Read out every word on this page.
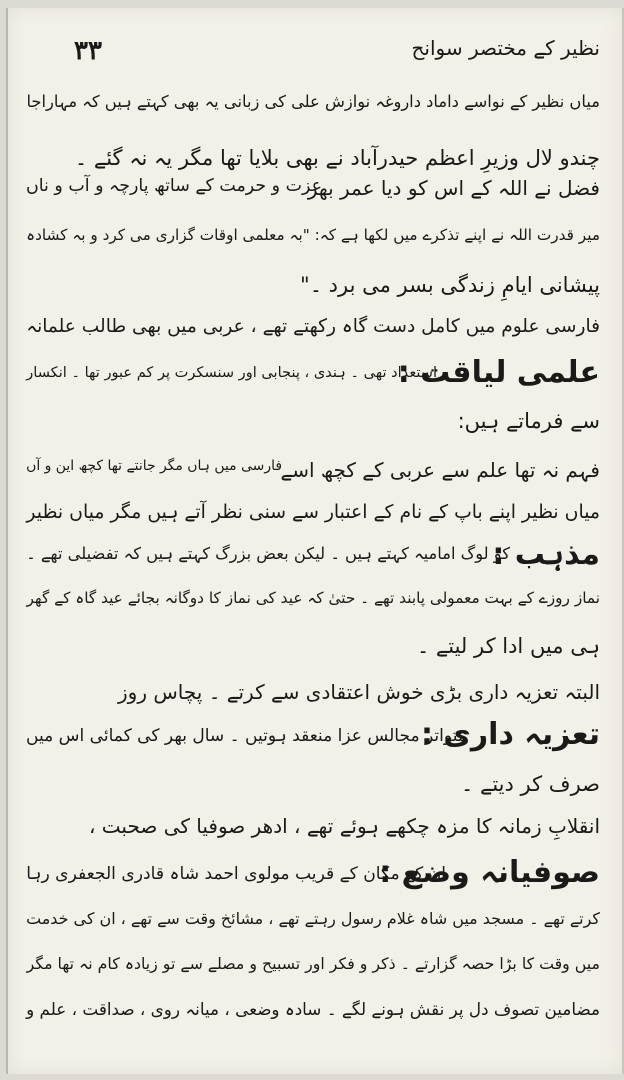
نظیر کے مختصر سوانح
۳۳
میاں نظیر کے نواسے داماد داروغہ نوازش علی کی زبانی یہ بھی کہتے ہیں کہ مہاراجا
چندو لال وزیرِ اعظم حیدرآباد نے بھی بلایا تھا مگر یہ نہ گئے ۔
فضل نے اللہ کے اس کو دیا عمر بھر
عزت و حرمت کے ساتھ پارچہ و آب و ناں
میر قدرت اللہ نے اپنے تذکرے میں لکھا ہے کہ: "بہ معلمی اوقات گزاری می کرد و بہ کشادہ
پیشانی ایامِ زندگی بسر می برد ۔"
فارسی علوم میں کامل دست گاہ رکھتے تھے ، عربی میں بھی طالب علمانہ
علمی لیاقت :
استعداد تھی ۔ ہندی ، پنجابی اور سنسکرت پر کم عبور تھا ۔ انکسار
سے فرماتے ہیں:
فہم نہ تھا علم سے عربی کے کچھ اسے
فارسی میں ہاں مگر جانتے تھا کچھ این و آں
میاں نظیر اپنے باپ کے نام کے اعتبار سے سنی نظر آتے ہیں مگر میاں نظیر
مذہب :
کو لوگ امامیہ کہتے ہیں ۔ لیکن بعض بزرگ کہتے ہیں کہ تفضیلی تھے ۔
نماز روزے کے بہت معمولی پابند تھے ۔ حتیٰ کہ عید کی نماز کا دوگانہ بجائے عید گاہ کے گھر
ہی میں ادا کر لیتے ۔
البتہ تعزیہ داری بڑی خوش اعتقادی سے کرتے ۔ پچاس روز
تعزیہ داری :
متواتر مجالس عزا منعقد ہوتیں ۔ سال بھر کی کمائی اس میں
صرف کر دیتے ۔
انقلابِ زمانہ کا مزہ چکھے ہوئے تھے ، ادھر صوفیا کی صحبت ،
صوفیانہ وضع :
ان کے مکان کے قریب مولوی احمد شاہ قادری الجعفری رہا
کرتے تھے ۔ مسجد میں شاہ غلام رسول رہتے تھے ، مشائخ وقت سے تھے ، ان کی خدمت
میں وقت کا بڑا حصہ گزارتے ۔ ذکر و فکر اور تسبیح و مصلے سے تو زیادہ کام نہ تھا مگر
مضامین تصوف دل پر نقش ہونے لگے ۔ سادہ وضعی ، میانہ روی ، صداقت ، علم و
